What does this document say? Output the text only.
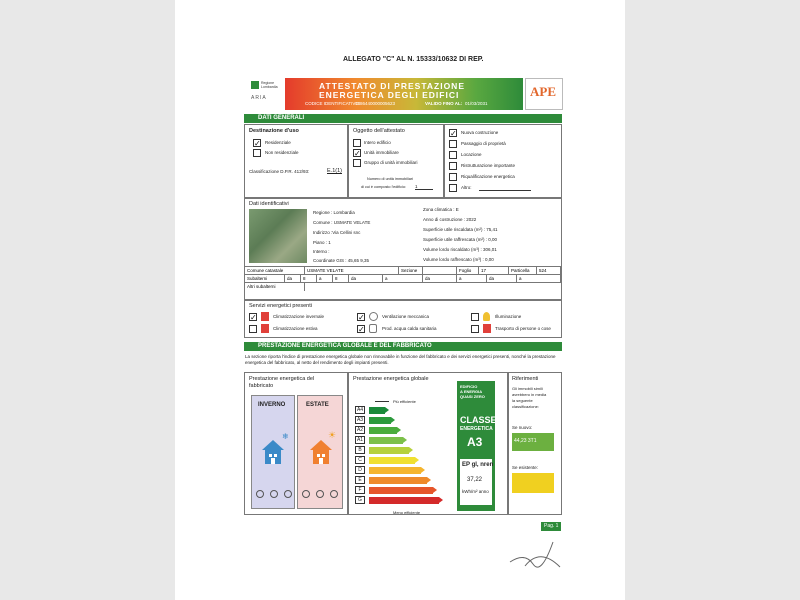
ALLEGATO "C" AL N. 15333/10632 DI REP.
Regione
Lombardia
ARIA
ATTESTATO DI PRESTAZIONE
ENERGETICA DEGLI EDIFICI
CODICE IDENTIFICATIVO:
1086440000005623	VALIDO FINO AL: 01/03/2031
APE
DATI GENERALI
Destinazione d'uso
✓ Residenziale
Non residenziale
Classificazione D.P.R. 412/93:	E.1(1)
Oggetto dell'attestato
Intero edificio
✓ Unità immobiliare
Gruppo di unità immobiliari
Numero di unità immobiliari
di cui è composto l'edificio: 1
✓ Nuova costruzione
Passaggio di proprietà
Locazione
Ristrutturazione importante
Riqualificazione energetica
Altro:
Dati identificativi
Regione : Lombardia
Comune : USMATE VELATE
Indirizzo :Via Cellini snc
Piano : 1
Interno :
Coordinate GIS : 45,65 9,35
Zona climatica : E
Anno di costruzione : 2022
Superficie utile riscaldata (m²) : 75,41
Superficie utile raffrescata (m²) : 0,00
Volume lordo riscaldato (m³) : 306,01
Volume lordo raffrescato (m³) : 0,00
Comune catastale	USMATE VELATE	Sezione	Foglio	17	Particella	524
Subalterni	da	8	a	8	da	a	da	a	da	a
Altri subalterni
Servizi energetici presenti
✓	Climatizzazione invernale
Climatizzazione estiva
✓	Ventilazione meccanica
✓	Prod. acqua calda sanitaria
Illuminazione
Trasporto di persone o cose
PRESTAZIONE ENERGETICA GLOBALE E DEL FABBRICATO
La sezione riporta l'indice di prestazione energetica globale non rinnovabile in funzione del fabbricato e dei servizi energetici presenti, nonché la prestazione energetica del fabbricato, al netto del rendimento degli impianti presenti.
Prestazione energetica del
fabbricato
INVERNO
❄
ESTATE
☀
Prestazione energetica globale
Più efficiente
A4
A3
A2
A1
B
C
D
E
F
G
Meno efficiente
EDIFICIO
A ENERGIA
QUASI ZERO
CLASSE
ENERGETICA
A3
EP gl, nren
37,22
kWh/m² anno
Riferimenti
Gli immobili simili
avrebbero in media
la seguente
classificazione:
Se nuovo:
44,23 3T1
Se esistente:
Pag. 1
